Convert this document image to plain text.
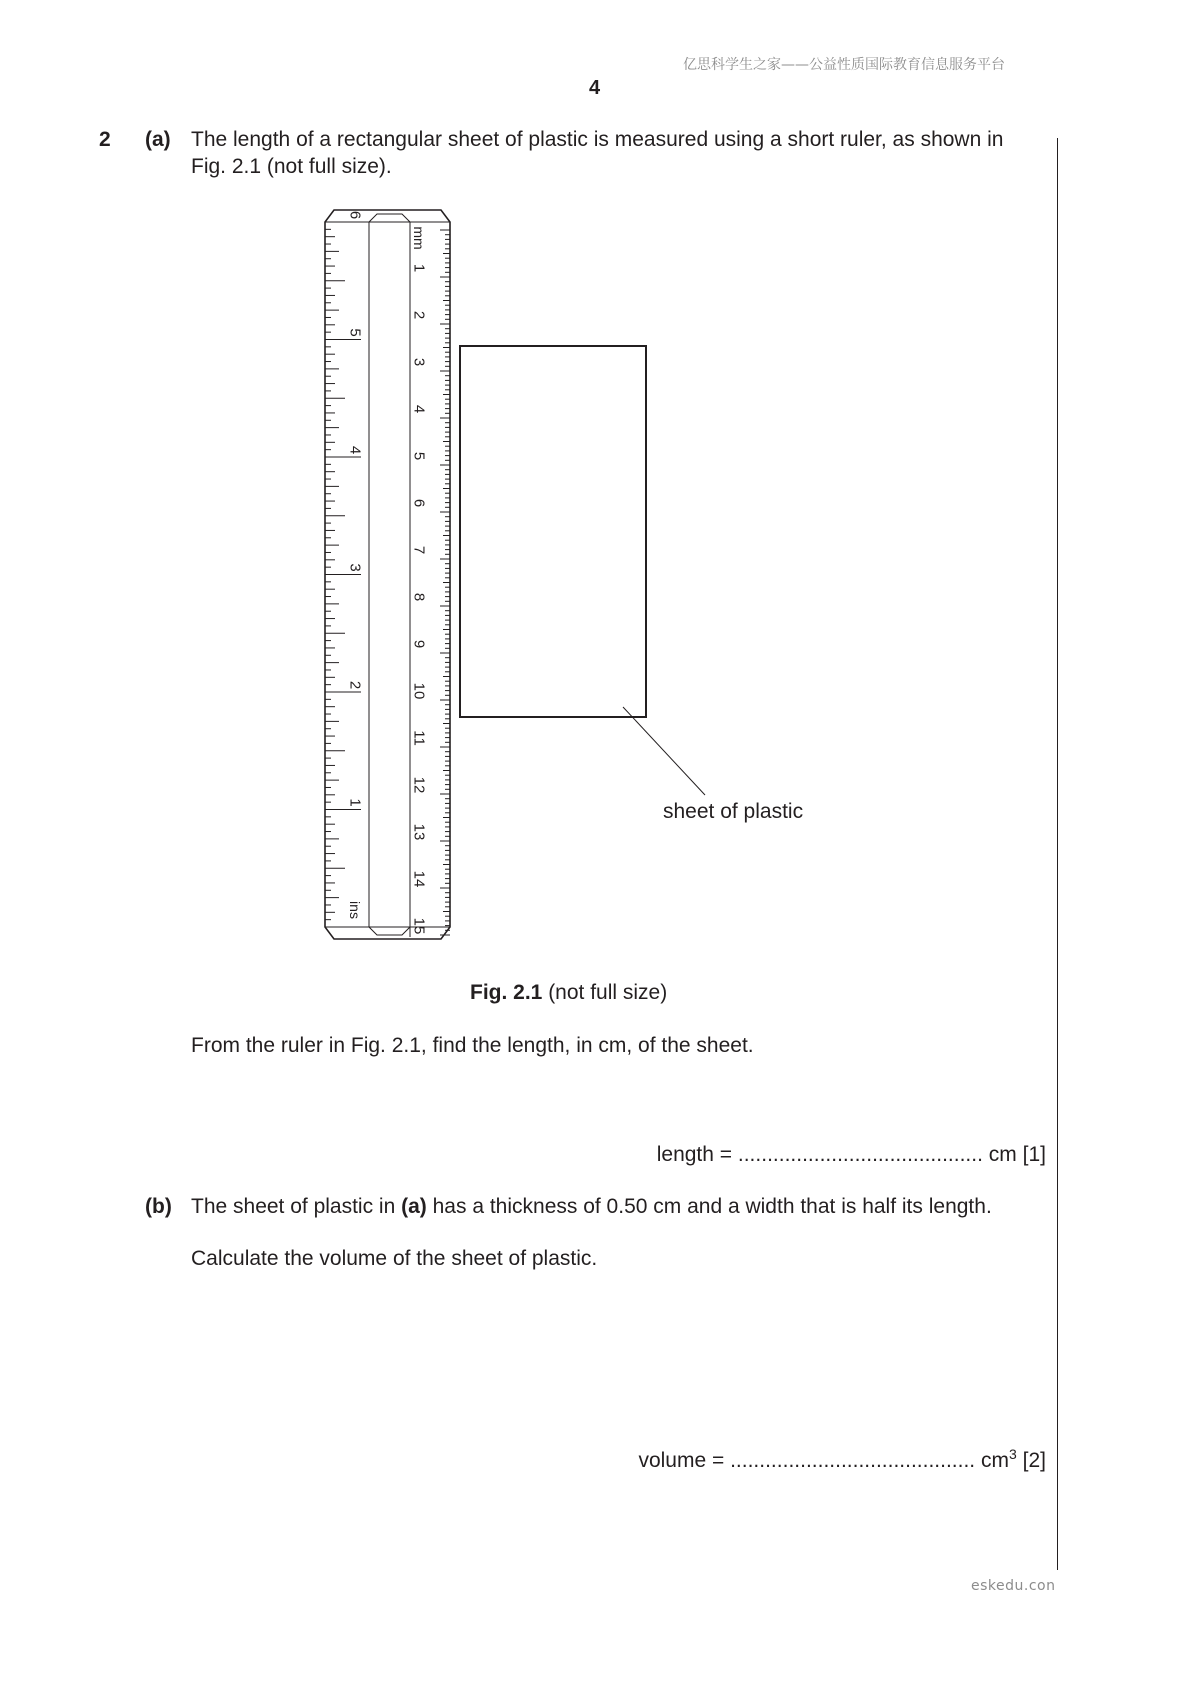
亿思科学生之家——公益性质国际教育信息服务平台
4
2 (a) The length of a rectangular sheet of plastic is measured using a short ruler, as shown in
Fig. 2.1 (not full size).
1
2
3
4
5
6
7
8
9
10
11
12
13
14
15
mm
1
2
3
4
5
6
ins
sheet of plastic
Fig. 2.1 (not full size)
From the ruler in Fig. 2.1, find the length, in cm, of the sheet.
length = .......................................... cm [1]
(b) The sheet of plastic in (a) has a thickness of 0.50 cm and a width that is half its length.
Calculate the volume of the sheet of plastic.
volume = .......................................... $cm^3$ [2]
eskedu.con
